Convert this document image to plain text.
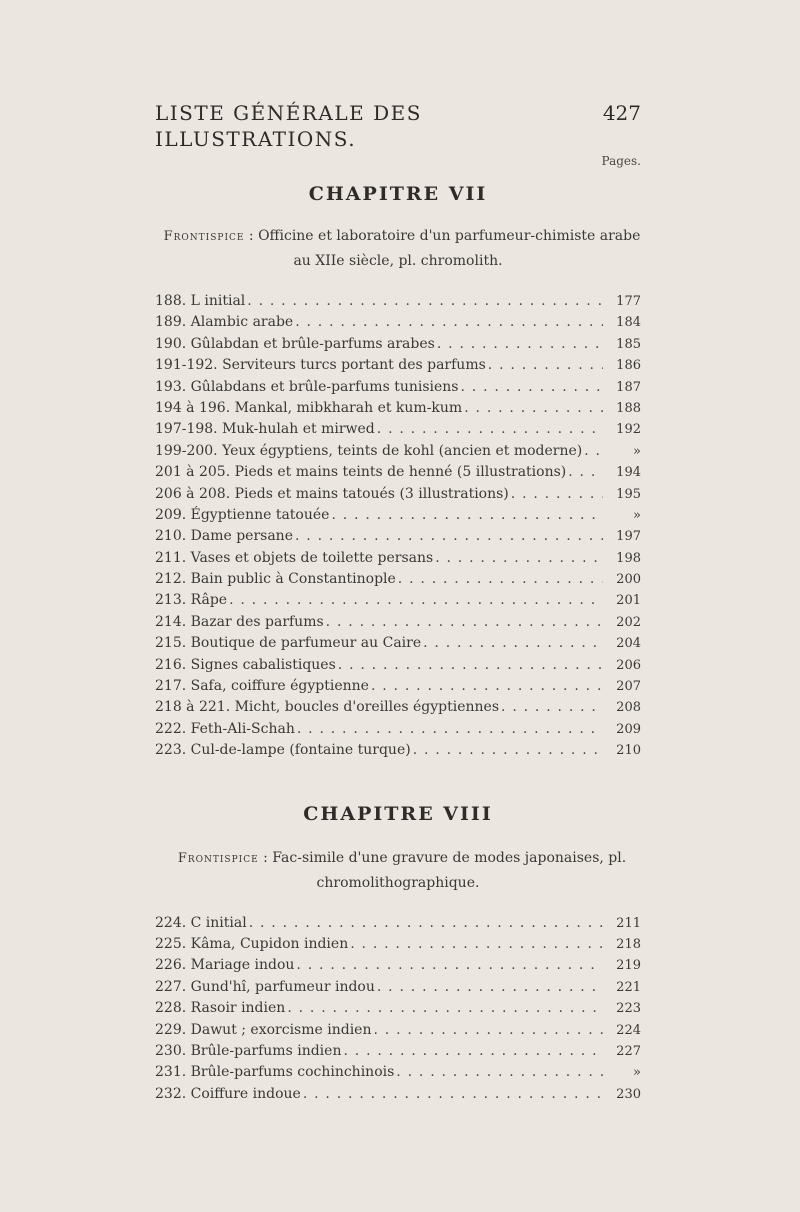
LISTE GÉNÉRALE DES ILLUSTRATIONS.
427
Pages.
CHAPITRE VII

Frontispice : Officine et laboratoire d'un parfumeur-chimiste arabe au XIIe siècle, pl. chromolith.

188. L initial . . .	177
189. Alambic arabe . . .	184
190. Gûlabdan et brûle-parfums arabes . . .	185
191-192. Serviteurs turcs portant des parfums . . .	186
193. Gûlabdans et brûle-parfums tunisiens . . .	187
194 à 196. Mankal, mibkharah et kum-kum . . .	188
197-198. Muk-hulah et mirwed . . .	192
199-200. Yeux égyptiens, teints de kohl (ancien et moderne) . . .	»
201 à 205. Pieds et mains teints de henné (5 illustrations) . . .	194
206 à 208. Pieds et mains tatoués (3 illustrations) . . .	195
209. Égyptienne tatouée . . .	»
210. Dame persane . . .	197
211. Vases et objets de toilette persans . . .	198
212. Bain public à Constantinople . . .	200
213. Râpe . . .	201
214. Bazar des parfums . . .	202
215. Boutique de parfumeur au Caire . . .	204
216. Signes cabalistiques . . .	206
217. Safa, coiffure égyptienne . . .	207
218 à 221. Micht, boucles d'oreilles égyptiennes . . .	208
222. Feth-Ali-Schah . . .	209
223. Cul-de-lampe (fontaine turque) . . .	210
CHAPITRE VIII

Frontispice : Fac-simile d'une gravure de modes japonaises, pl. chromolithographique.

224. C initial . . .	211
225. Kâma, Cupidon indien . . .	218
226. Mariage indou . . .	219
227. Gund'hî, parfumeur indou . . .	221
228. Rasoir indien . . .	223
229. Dawut ; exorcisme indien . . .	224
230. Brûle-parfums indien . . .	227
231. Brûle-parfums cochinchinois . . .	»
232. Coiffure indoue . . .	230
